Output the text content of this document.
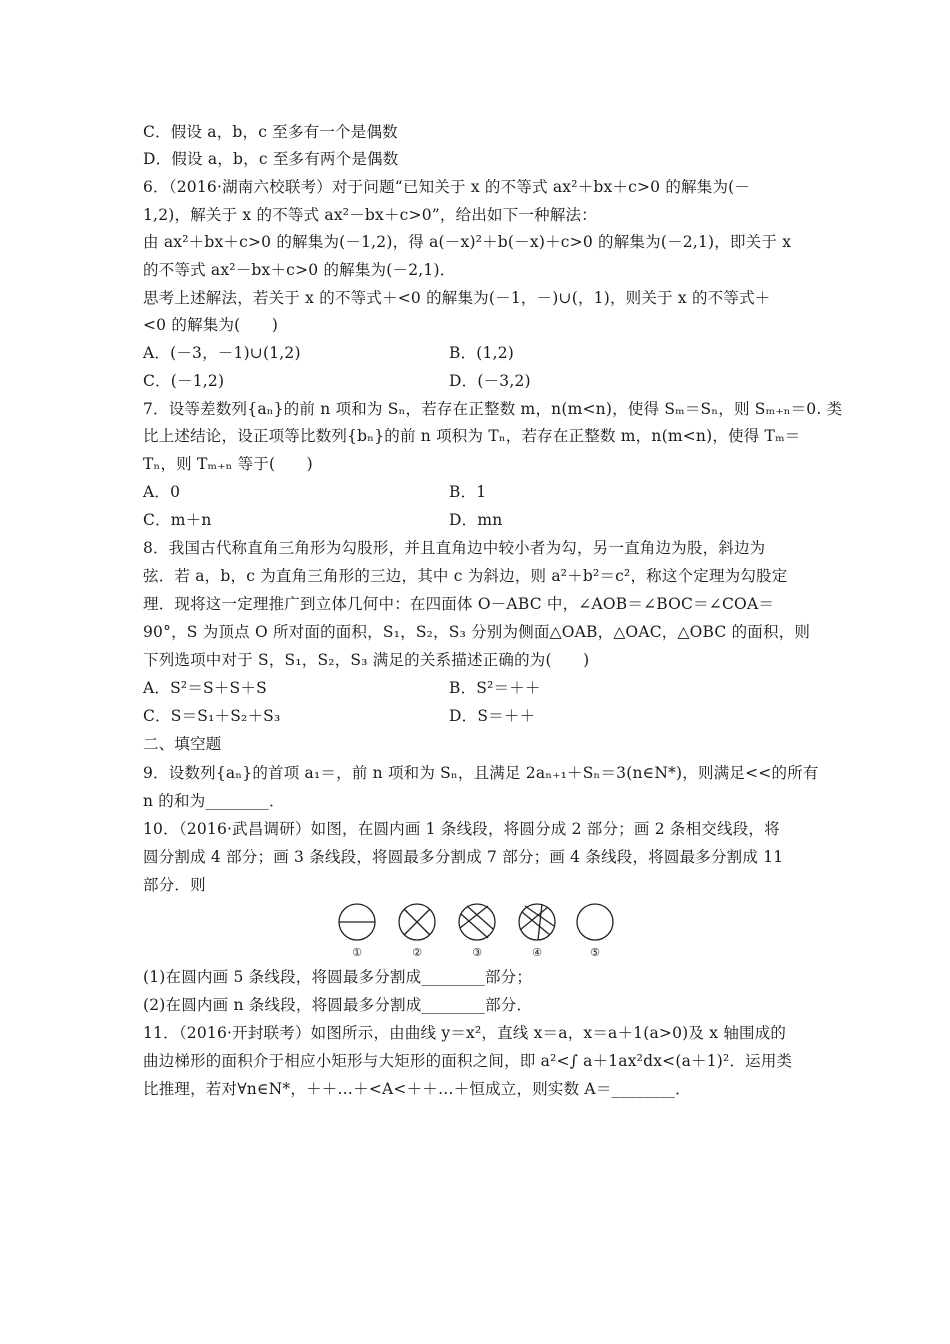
C．假设 a，b，c 至多有一个是偶数
D．假设 a，b，c 至多有两个是偶数
6．（2016·湖南六校联考）对于问题“已知关于 x 的不等式 ax²＋bx＋c>0 的解集为(－
1,2)，解关于 x 的不等式 ax²－bx＋c>0”，给出如下一种解法：
由 ax²＋bx＋c>0 的解集为(－1,2)，得 a(－x)²＋b(－x)＋c>0 的解集为(－2,1)，即关于 x
的不等式 ax²－bx＋c>0 的解集为(－2,1)．
思考上述解法，若关于 x 的不等式＋<0 的解集为(－1，－)∪(，1)，则关于 x 的不等式＋
<0 的解集为(　　)
A．(－3，－1)∪(1,2)	B．(1,2)
C．(－1,2)	D．(－3,2)
7．设等差数列{aₙ}的前 n 项和为 Sₙ，若存在正整数 m，n(m<n)，使得 Sₘ＝Sₙ，则 Sₘ₊ₙ＝0. 类
比上述结论，设正项等比数列{bₙ}的前 n 项积为 Tₙ，若存在正整数 m，n(m<n)，使得 Tₘ＝
Tₙ，则 Tₘ₊ₙ 等于(　　)
A．0	B．1
C．m＋n	D．mn
8．我国古代称直角三角形为勾股形，并且直角边中较小者为勾，另一直角边为股，斜边为
弦．若 a，b，c 为直角三角形的三边，其中 c 为斜边，则 a²＋b²＝c²，称这个定理为勾股定
理．现将这一定理推广到立体几何中：在四面体 O－ABC 中，∠AOB＝∠BOC＝∠COA＝
90°，S 为顶点 O 所对面的面积，S₁，S₂，S₃ 分别为侧面△OAB，△OAC，△OBC 的面积，则
下列选项中对于 S，S₁，S₂，S₃ 满足的关系描述正确的为(　　)
A．S²＝S＋S＋S	B．S²＝＋＋
C．S＝S₁＋S₂＋S₃	D．S＝＋＋
二、填空题
9．设数列{aₙ}的首项 a₁＝，前 n 项和为 Sₙ，且满足 2aₙ₊₁＋Sₙ＝3(n∈N*)，则满足<<的所有
n 的和为________．
10．（2016·武昌调研）如图，在圆内画 1 条线段，将圆分成 2 部分；画 2 条相交线段，将
圆分割成 4 部分；画 3 条线段，将圆最多分割成 7 部分；画 4 条线段，将圆最多分割成 11
部分．则
①	②	③	④	⑤
(1)在圆内画 5 条线段，将圆最多分割成________部分；
(2)在圆内画 n 条线段，将圆最多分割成________部分．
11．（2016·开封联考）如图所示，由曲线 y＝x²，直线 x＝a，x＝a＋1(a>0)及 x 轴围成的
曲边梯形的面积介于相应小矩形与大矩形的面积之间，即 a²<∫ a＋1ax²dx<(a＋1)²．运用类
比推理，若对∀n∈N*，＋＋…＋<A<＋＋…＋恒成立，则实数 A＝________．
